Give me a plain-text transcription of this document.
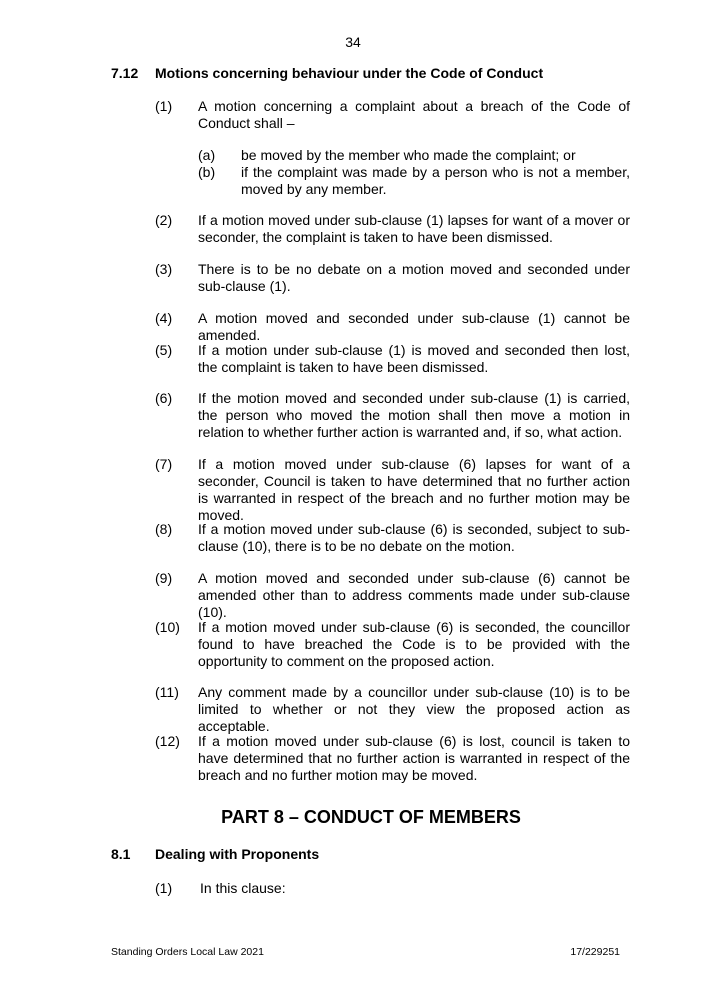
34
7.12 Motions concerning behaviour under the Code of Conduct
(1) A motion concerning a complaint about a breach of the Code of Conduct shall –
(a) be moved by the member who made the complaint; or
(b) if the complaint was made by a person who is not a member, moved by any member.
(2) If a motion moved under sub-clause (1) lapses for want of a mover or seconder, the complaint is taken to have been dismissed.
(3) There is to be no debate on a motion moved and seconded under sub-clause (1).
(4) A motion moved and seconded under sub-clause (1) cannot be amended.
(5) If a motion under sub-clause (1) is moved and seconded then lost, the complaint is taken to have been dismissed.
(6) If the motion moved and seconded under sub-clause (1) is carried, the person who moved the motion shall then move a motion in relation to whether further action is warranted and, if so, what action.
(7) If a motion moved under sub-clause (6) lapses for want of a seconder, Council is taken to have determined that no further action is warranted in respect of the breach and no further motion may be moved.
(8) If a motion moved under sub-clause (6) is seconded, subject to sub-clause (10), there is to be no debate on the motion.
(9) A motion moved and seconded under sub-clause (6) cannot be amended other than to address comments made under sub-clause (10).
(10) If a motion moved under sub-clause (6) is seconded, the councillor found to have breached the Code is to be provided with the opportunity to comment on the proposed action.
(11) Any comment made by a councillor under sub-clause (10) is to be limited to whether or not they view the proposed action as acceptable.
(12) If a motion moved under sub-clause (6) is lost, council is taken to have determined that no further action is warranted in respect of the breach and no further motion may be moved.
PART 8 – CONDUCT OF MEMBERS
8.1 Dealing with Proponents
(1) In this clause:
Standing Orders Local Law 2021	17/229251
